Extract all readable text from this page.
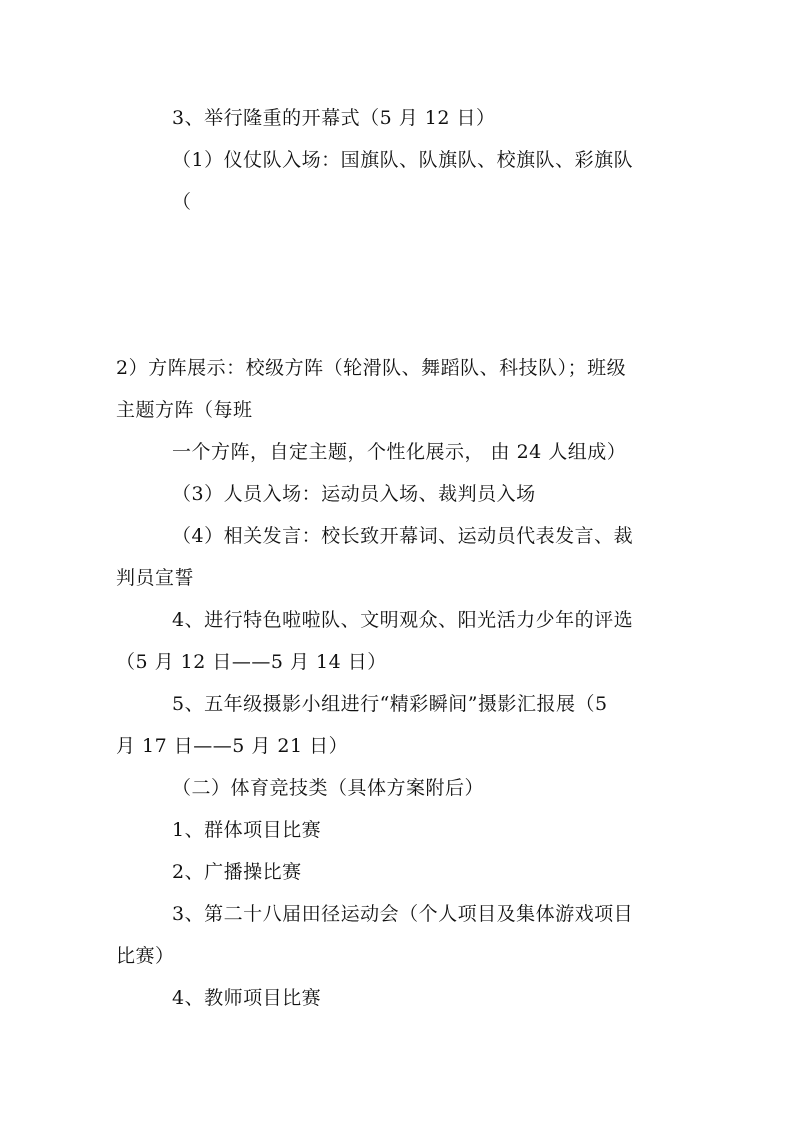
3、举行隆重的开幕式（5 月 12 日）
（1）仪仗队入场：国旗队、队旗队、校旗队、彩旗队
（
2）方阵展示：校级方阵（轮滑队、舞蹈队、科技队）；班级
主题方阵（每班
一个方阵，自定主题，个性化展示， 由 24 人组成）
（3）人员入场：运动员入场、裁判员入场
（4）相关发言：校长致开幕词、运动员代表发言、裁
判员宣誓
4、进行特色啦啦队、文明观众、阳光活力少年的评选
（5 月 12 日——5 月 14 日）
5、五年级摄影小组进行“精彩瞬间”摄影汇报展（5
月 17 日——5 月 21 日）
（二）体育竞技类（具体方案附后）
1、群体项目比赛
2、广播操比赛
3、第二十八届田径运动会（个人项目及集体游戏项目
比赛）
4、教师项目比赛
